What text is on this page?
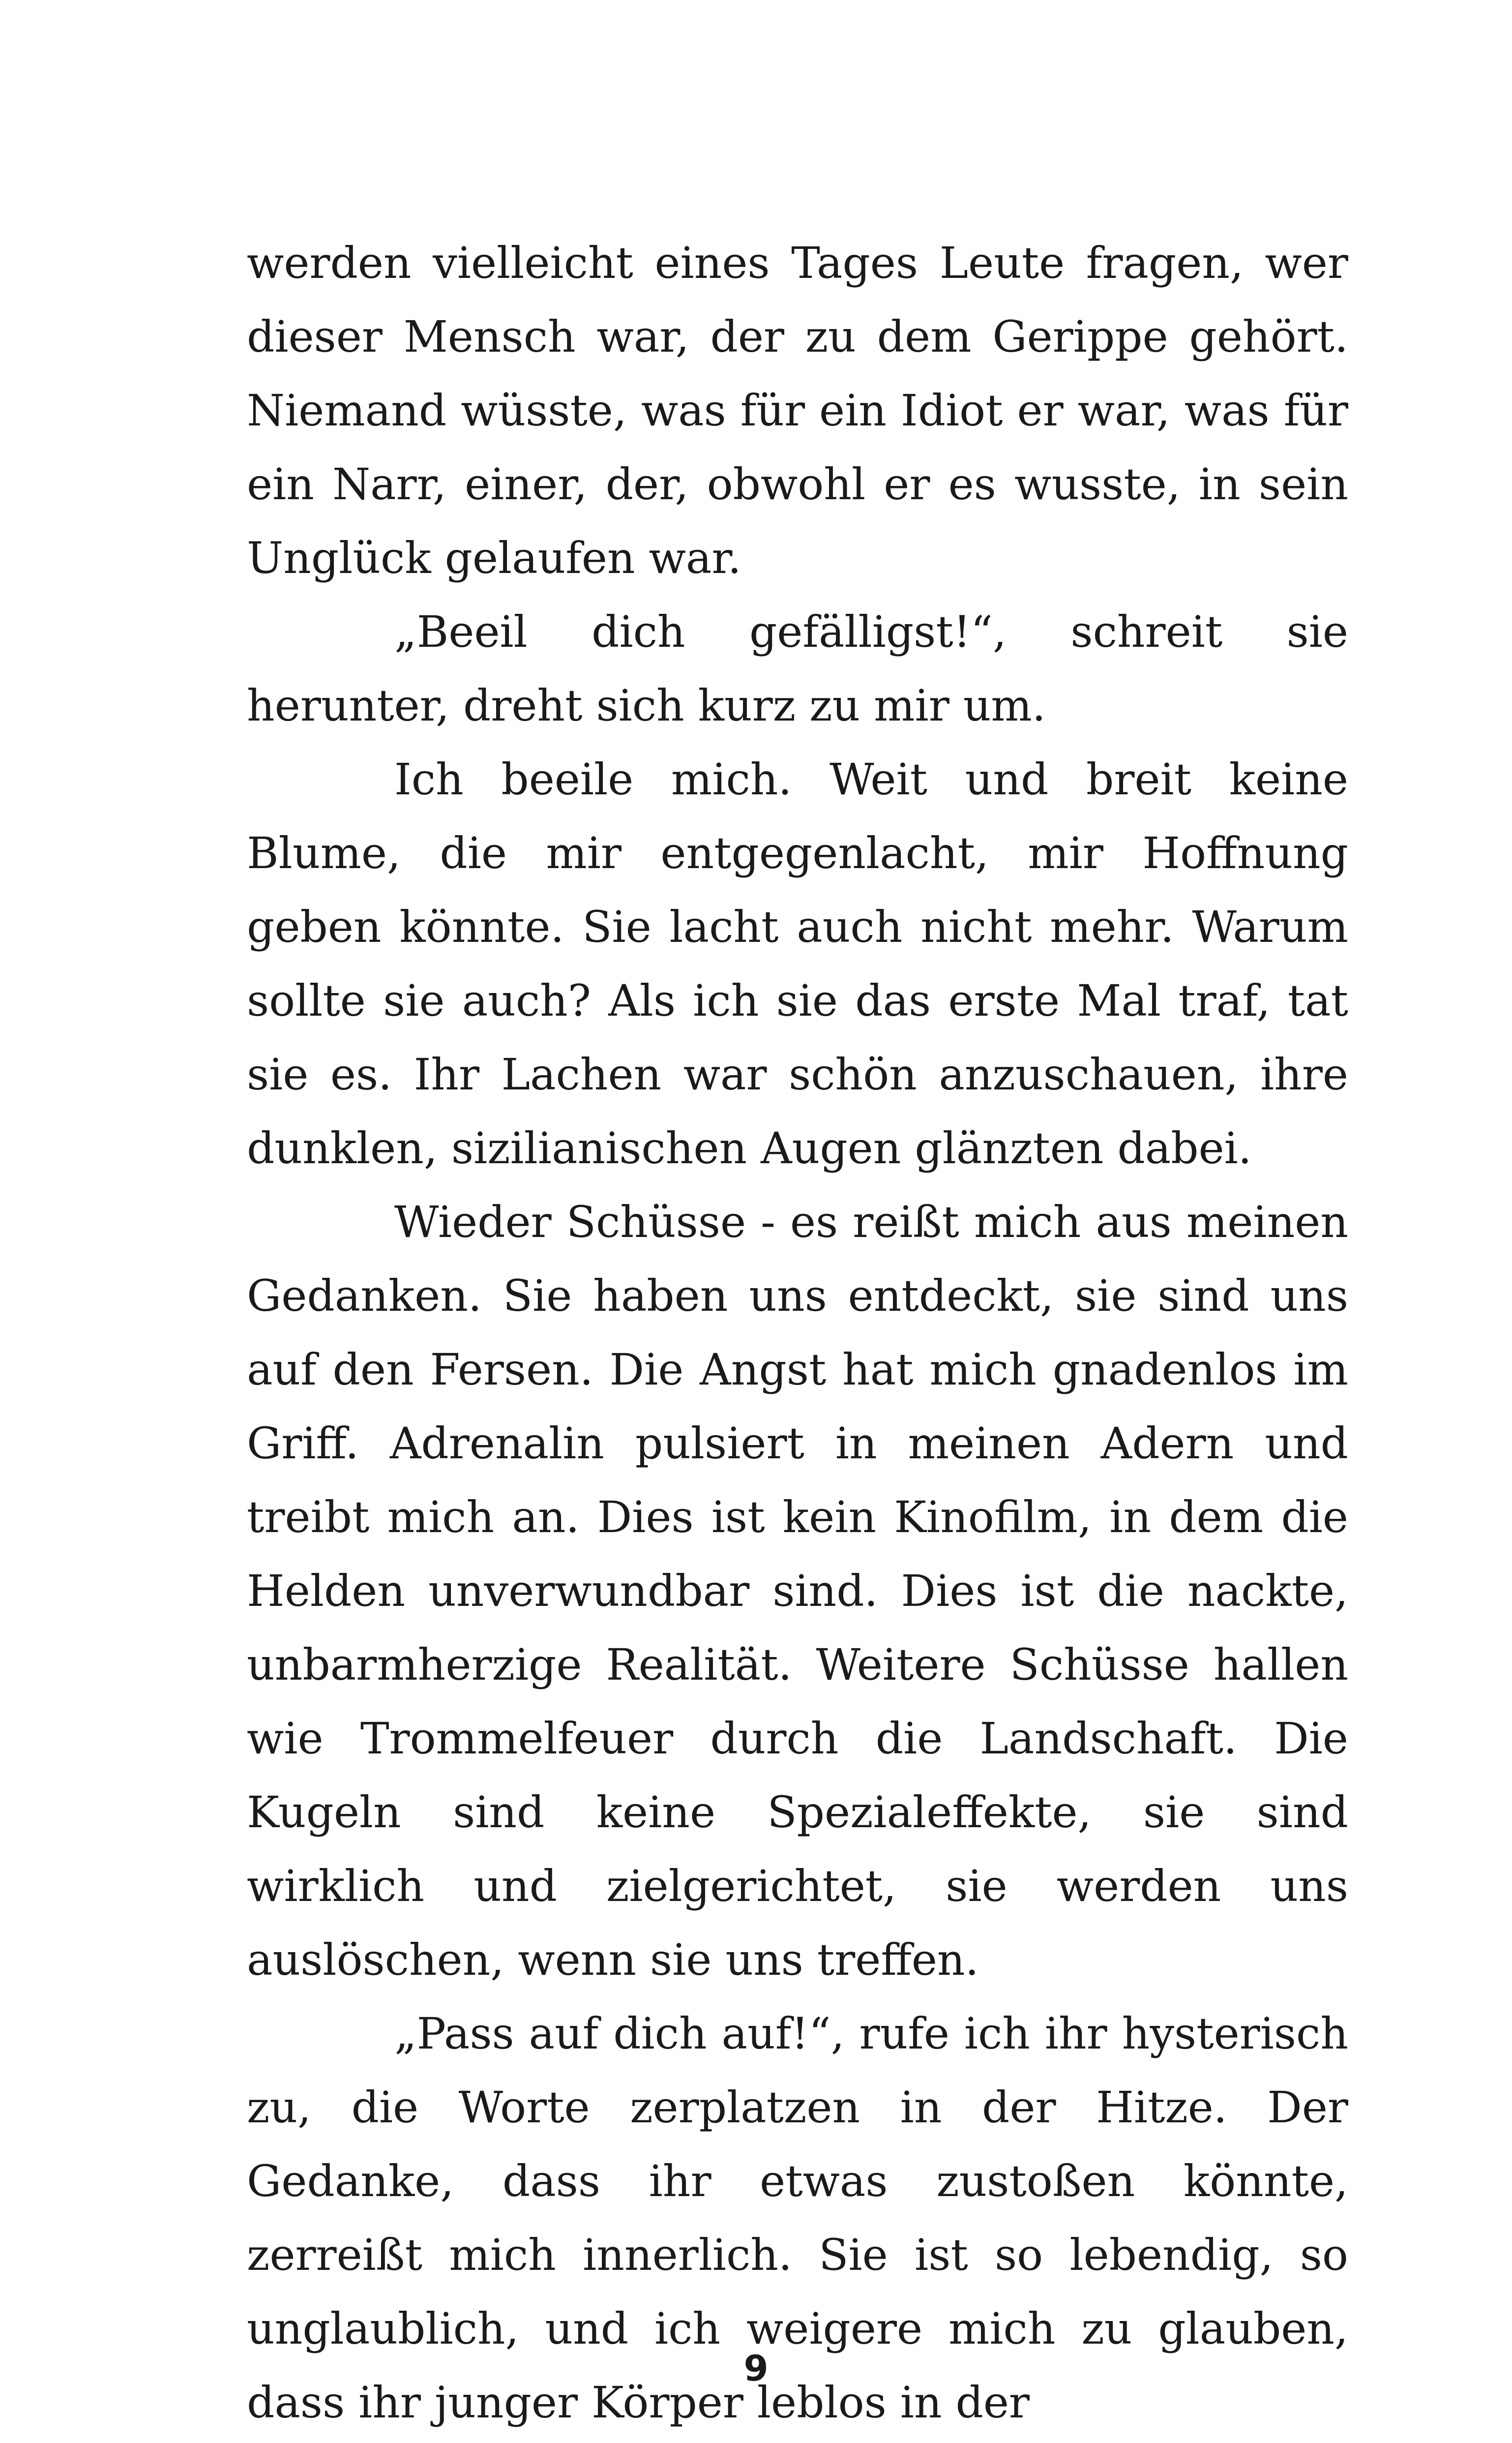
werden vielleicht eines Tages Leute fragen, wer dieser Mensch war, der zu dem Gerippe gehört. Niemand wüsste, was für ein Idiot er war, was für ein Narr, einer, der, obwohl er es wusste, in sein Unglück gelaufen war.

„Beeil dich gefälligst!“, schreit sie herunter, dreht sich kurz zu mir um.

Ich beeile mich. Weit und breit keine Blume, die mir entgegenlacht, mir Hoffnung geben könnte. Sie lacht auch nicht mehr. Warum sollte sie auch? Als ich sie das erste Mal traf, tat sie es. Ihr Lachen war schön anzuschauen, ihre dunklen, sizilianischen Augen glänzten dabei.

Wieder Schüsse - es reißt mich aus meinen Gedanken. Sie haben uns entdeckt, sie sind uns auf den Fersen. Die Angst hat mich gnadenlos im Griff. Adrenalin pulsiert in meinen Adern und treibt mich an. Dies ist kein Kinofilm, in dem die Helden unverwundbar sind. Dies ist die nackte, unbarmherzige Realität. Weitere Schüsse hallen wie Trommelfeuer durch die Landschaft. Die Kugeln sind keine Spezialeffekte, sie sind wirklich und zielgerichtet, sie werden uns auslöschen, wenn sie uns treffen.

„Pass auf dich auf!“, rufe ich ihr hysterisch zu, die Worte zerplatzen in der Hitze. Der Gedanke, dass ihr etwas zustoßen könnte, zerreißt mich innerlich. Sie ist so lebendig, so unglaublich, und ich weigere mich zu glauben, dass ihr junger Körper leblos in der

9
